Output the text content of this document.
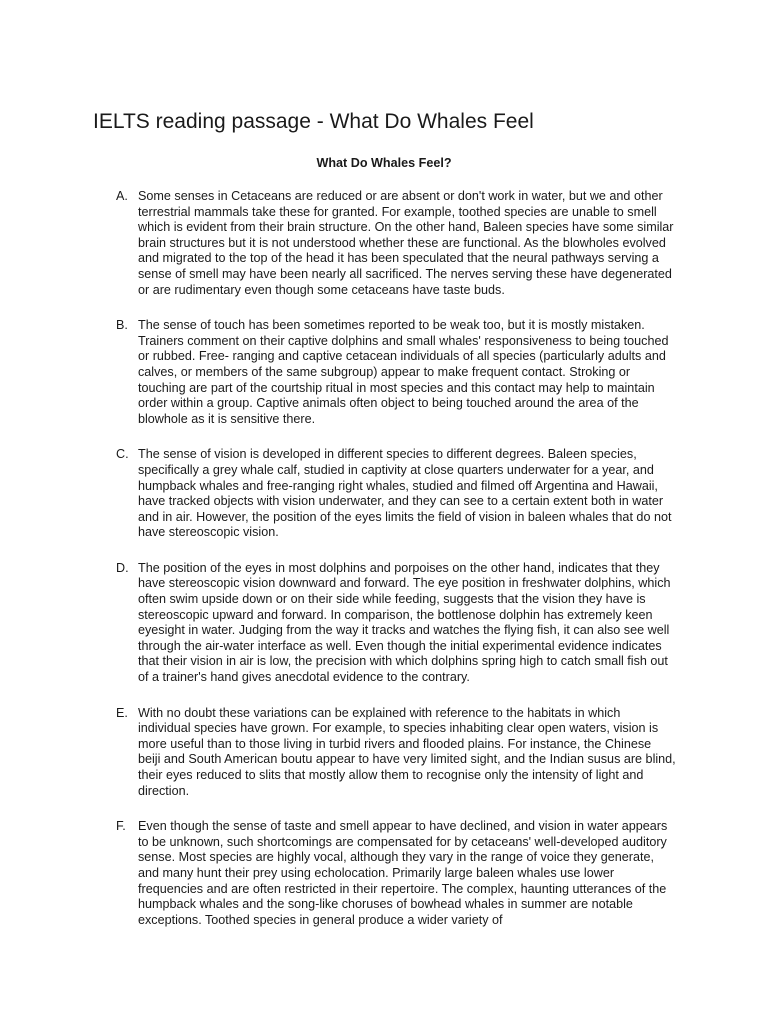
IELTS reading passage - What Do Whales Feel
What Do Whales Feel?
A. Some senses in Cetaceans are reduced or are absent or don't work in water, but we and other terrestrial mammals take these for granted. For example, toothed species are unable to smell which is evident from their brain structure. On the other hand, Baleen species have some similar brain structures but it is not understood whether these are functional. As the blowholes evolved and migrated to the top of the head it has been speculated that the neural pathways serving a sense of smell may have been nearly all sacrificed. The nerves serving these have degenerated or are rudimentary even though some cetaceans have taste buds.

B. The sense of touch has been sometimes reported to be weak too, but it is mostly mistaken. Trainers comment on their captive dolphins and small whales' responsiveness to being touched or rubbed. Free- ranging and captive cetacean individuals of all species (particularly adults and calves, or members of the same subgroup) appear to make frequent contact. Stroking or touching are part of the courtship ritual in most species and this contact may help to maintain order within a group. Captive animals often object to being touched around the area of the blowhole as it is sensitive there.

C. The sense of vision is developed in different species to different degrees. Baleen species, specifically a grey whale calf, studied in captivity at close quarters underwater for a year, and humpback whales and free-ranging right whales, studied and filmed off Argentina and Hawaii, have tracked objects with vision underwater, and they can see to a certain extent both in water and in air. However, the position of the eyes limits the field of vision in baleen whales that do not have stereoscopic vision.

D. The position of the eyes in most dolphins and porpoises on the other hand, indicates that they have stereoscopic vision downward and forward. The eye position in freshwater dolphins, which often swim upside down or on their side while feeding, suggests that the vision they have is stereoscopic upward and forward. In comparison, the bottlenose dolphin has extremely keen eyesight in water. Judging from the way it tracks and watches the flying fish, it can also see well through the air-water interface as well. Even though the initial experimental evidence indicates that their vision in air is low, the precision with which dolphins spring high to catch small fish out of a trainer's hand gives anecdotal evidence to the contrary.

E. With no doubt these variations can be explained with reference to the habitats in which individual species have grown. For example, to species inhabiting clear open waters, vision is more useful than to those living in turbid rivers and flooded plains. For instance, the Chinese beiji and South American boutu appear to have very limited sight, and the Indian susus are blind, their eyes reduced to slits that mostly allow them to recognise only the intensity of light and direction.

F. Even though the sense of taste and smell appear to have declined, and vision in water appears to be unknown, such shortcomings are compensated for by cetaceans' well-developed auditory sense. Most species are highly vocal, although they vary in the range of voice they generate, and many hunt their prey using echolocation. Primarily large baleen whales use lower frequencies and are often restricted in their repertoire. The complex, haunting utterances of the humpback whales and the song-like choruses of bowhead whales in summer are notable exceptions. Toothed species in general produce a wider variety of
